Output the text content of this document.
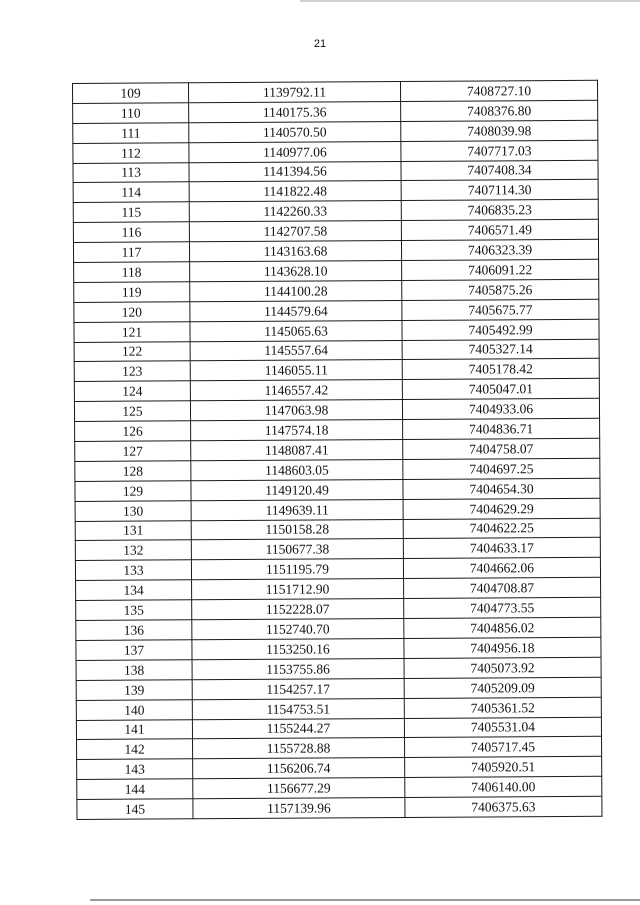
21
109	1139792.11	7408727.10
110	1140175.36	7408376.80
111	1140570.50	7408039.98
112	1140977.06	7407717.03
113	1141394.56	7407408.34
114	1141822.48	7407114.30
115	1142260.33	7406835.23
116	1142707.58	7406571.49
117	1143163.68	7406323.39
118	1143628.10	7406091.22
119	1144100.28	7405875.26
120	1144579.64	7405675.77
121	1145065.63	7405492.99
122	1145557.64	7405327.14
123	1146055.11	7405178.42
124	1146557.42	7405047.01
125	1147063.98	7404933.06
126	1147574.18	7404836.71
127	1148087.41	7404758.07
128	1148603.05	7404697.25
129	1149120.49	7404654.30
130	1149639.11	7404629.29
131	1150158.28	7404622.25
132	1150677.38	7404633.17
133	1151195.79	7404662.06
134	1151712.90	7404708.87
135	1152228.07	7404773.55
136	1152740.70	7404856.02
137	1153250.16	7404956.18
138	1153755.86	7405073.92
139	1154257.17	7405209.09
140	1154753.51	7405361.52
141	1155244.27	7405531.04
142	1155728.88	7405717.45
143	1156206.74	7405920.51
144	1156677.29	7406140.00
145	1157139.96	7406375.63
